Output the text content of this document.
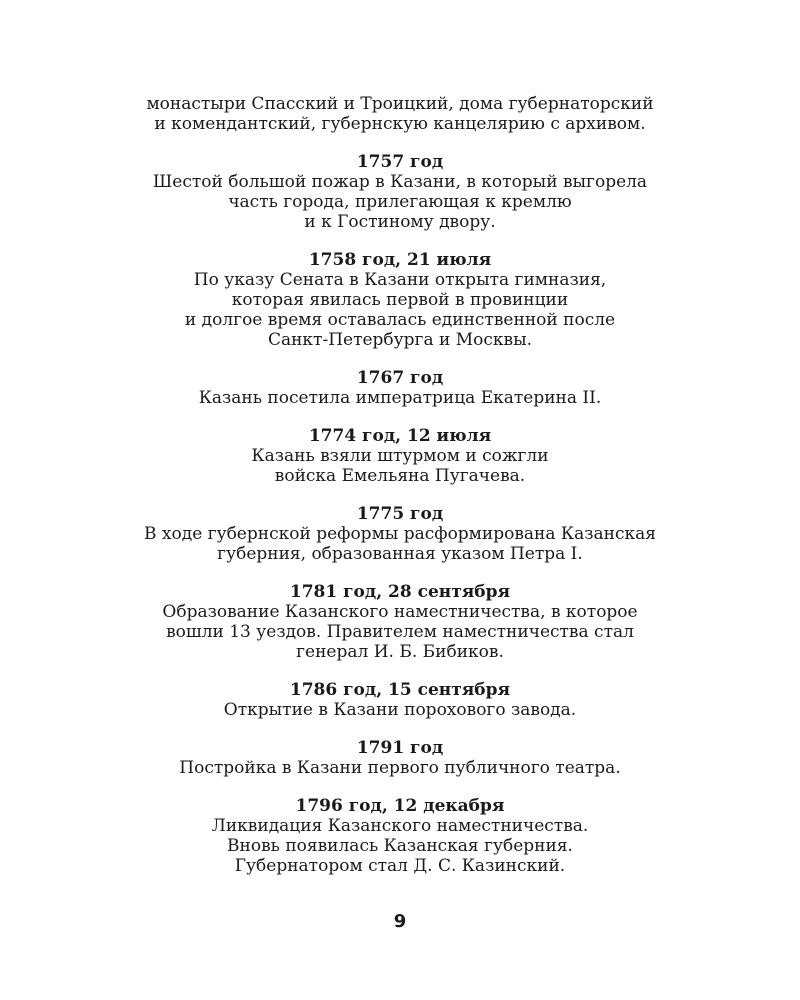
монастыри Спасский и Троицкий, дома губернаторский
и комендантский, губернскую канцелярию с архивом.
1757 год
Шестой большой пожар в Казани, в который выгорела
часть города, прилегающая к кремлю
и к Гостиному двору.
1758 год, 21 июля
По указу Сената в Казани открыта гимназия,
которая явилась первой в провинции
и долгое время оставалась единственной после
Санкт-Петербурга и Москвы.
1767 год
Казань посетила императрица Екатерина II.
1774 год, 12 июля
Казань взяли штурмом и сожгли
войска Емельяна Пугачева.
1775 год
В ходе губернской реформы расформирована Казанская
губерния, образованная указом Петра I.
1781 год, 28 сентября
Образование Казанского наместничества, в которое
вошли 13 уездов. Правителем наместничества стал
генерал И. Б. Бибиков.
1786 год, 15 сентября
Открытие в Казани порохового завода.
1791 год
Постройка в Казани первого публичного театра.
1796 год, 12 декабря
Ликвидация Казанского наместничества.
Вновь появилась Казанская губерния.
Губернатором стал Д. С. Казинский.
9
